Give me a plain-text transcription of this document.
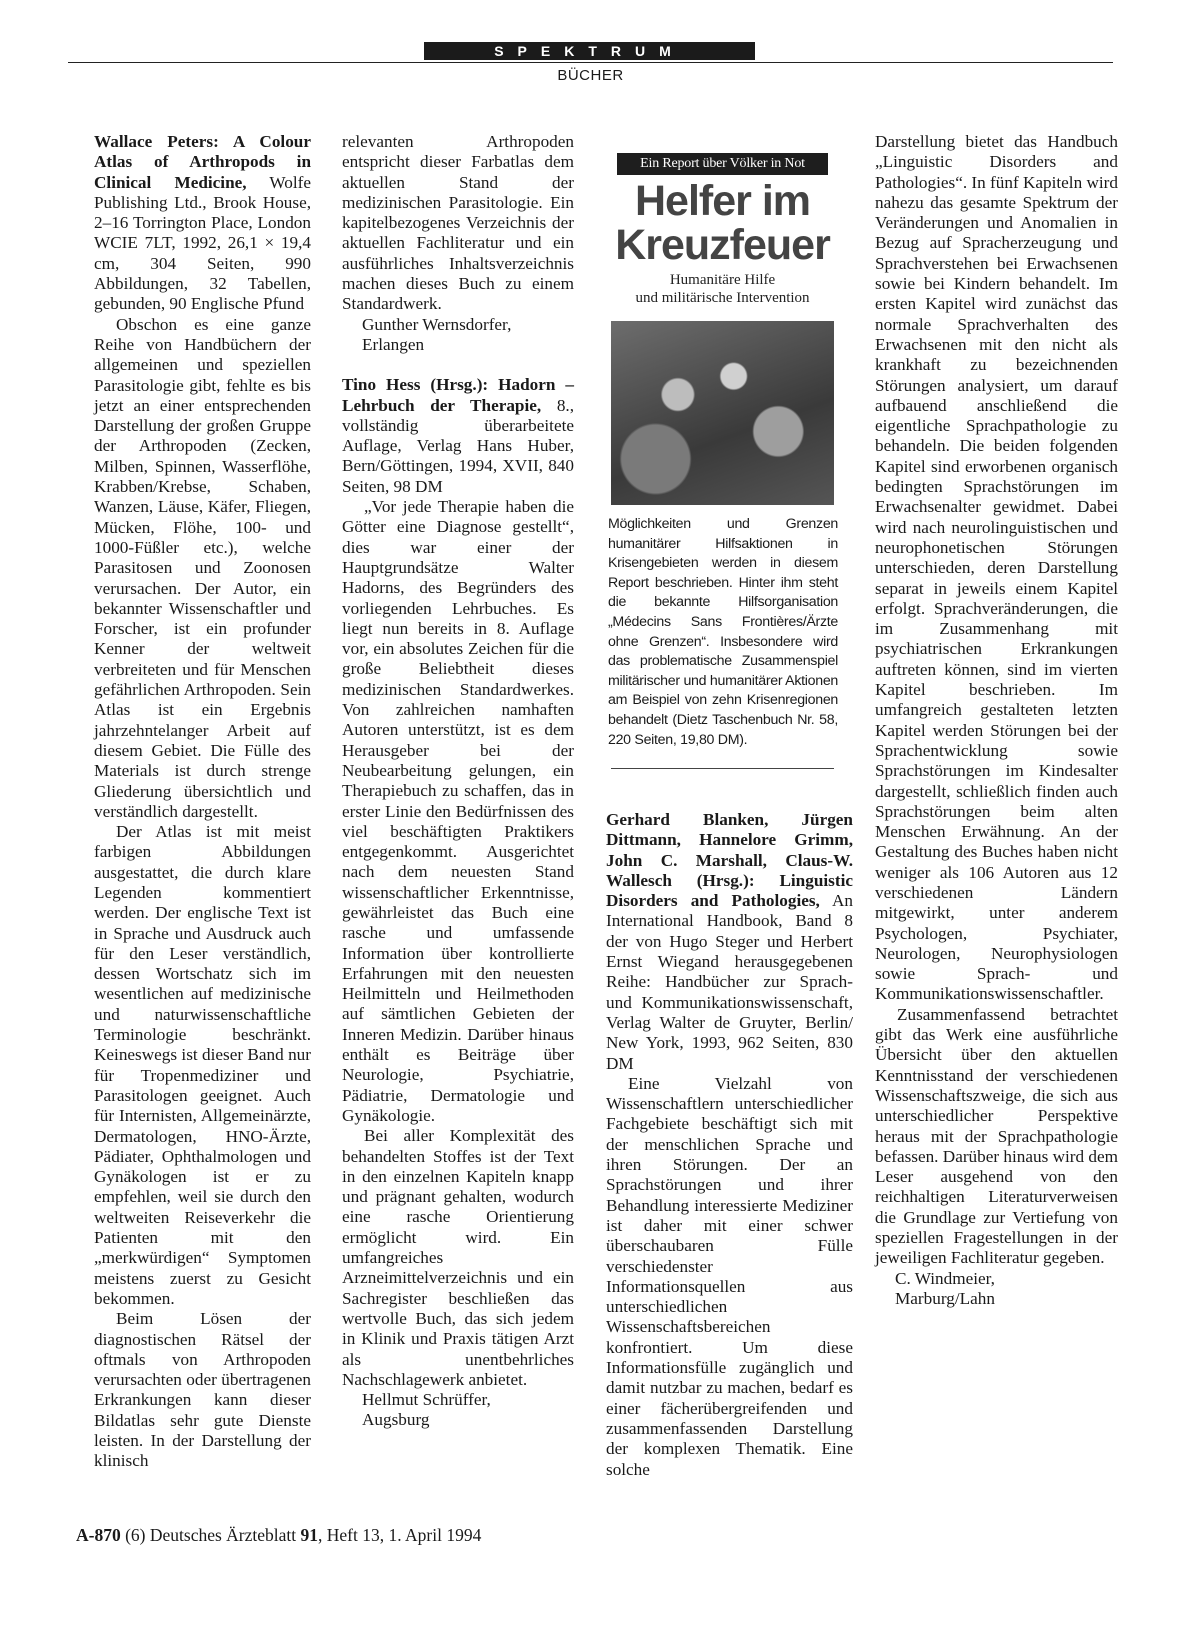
SPEKTRUM
BÜCHER

Wallace Peters: A Colour Atlas of Arthropods in Clinical Medicine, Wolfe Publishing Ltd., Brook House, 2–16 Torrington Place, London WCIE 7LT, 1992, 26,1 × 19,4 cm, 304 Seiten, 990 Abbildungen, 32 Tabellen, gebunden, 90 Englische Pfund

Obschon es eine ganze Reihe von Handbüchern der allgemeinen und speziellen Parasitologie gibt, fehlte es bis jetzt an einer entsprechenden Darstellung der großen Gruppe der Arthropoden (Zecken, Milben, Spinnen, Wasserflöhe, Krabben/Krebse, Schaben, Wanzen, Läuse, Käfer, Fliegen, Mücken, Flöhe, 100- und 1000-Füßler etc.), welche Parasitosen und Zoonosen verursachen. Der Autor, ein bekannter Wissenschaftler und Forscher, ist ein profunder Kenner der weltweit verbreiteten und für Menschen gefährlichen Arthropoden. Sein Atlas ist ein Ergebnis jahrzehntelanger Arbeit auf diesem Gebiet. Die Fülle des Materials ist durch strenge Gliederung übersichtlich und verständlich dargestellt.

Der Atlas ist mit meist farbigen Abbildungen ausgestattet, die durch klare Legenden kommentiert werden. Der englische Text ist in Sprache und Ausdruck auch für den Leser verständlich, dessen Wortschatz sich im wesentlichen auf medizinische und naturwissenschaftliche Terminologie beschränkt. Keineswegs ist dieser Band nur für Tropenmediziner und Parasitologen geeignet. Auch für Internisten, Allgemeinärzte, Dermatologen, HNO-Ärzte, Pädiater, Ophthalmologen und Gynäkologen ist er zu empfehlen, weil sie durch den weltweiten Reiseverkehr die Patienten mit den „merkwürdigen“ Symptomen meistens zuerst zu Gesicht bekommen.

Beim Lösen der diagnostischen Rätsel der oftmals von Arthropoden verursachten oder übertragenen Erkrankungen kann dieser Bildatlas sehr gute Dienste leisten. In der Darstellung der klinisch

relevanten Arthropoden entspricht dieser Farbatlas dem aktuellen Stand der medizinischen Parasitologie. Ein kapitelbezogenes Verzeichnis der aktuellen Fachliteratur und ein ausführliches Inhaltsverzeichnis machen dieses Buch zu einem Standardwerk.

Gunther Wernsdorfer,
Erlangen

Tino Hess (Hrsg.): Hadorn – Lehrbuch der Therapie, 8., vollständig überarbeitete Auflage, Verlag Hans Huber, Bern/Göttingen, 1994, XVII, 840 Seiten, 98 DM

„Vor jede Therapie haben die Götter eine Diagnose gestellt“, dies war einer der Hauptgrundsätze Walter Hadorns, des Begründers des vorliegenden Lehrbuches. Es liegt nun bereits in 8. Auflage vor, ein absolutes Zeichen für die große Beliebtheit dieses medizinischen Standardwerkes. Von zahlreichen namhaften Autoren unterstützt, ist es dem Herausgeber bei der Neubearbeitung gelungen, ein Therapiebuch zu schaffen, das in erster Linie den Bedürfnissen des viel beschäftigten Praktikers entgegenkommt. Ausgerichtet nach dem neuesten Stand wissenschaftlicher Erkenntnisse, gewährleistet das Buch eine rasche und umfassende Information über kontrollierte Erfahrungen mit den neuesten Heilmitteln und Heilmethoden auf sämtlichen Gebieten der Inneren Medizin. Darüber hinaus enthält es Beiträge über Neurologie, Psychiatrie, Pädiatrie, Dermatologie und Gynäkologie.

Bei aller Komplexität des behandelten Stoffes ist der Text in den einzelnen Kapiteln knapp und prägnant gehalten, wodurch eine rasche Orientierung ermöglicht wird. Ein umfangreiches Arzneimittelverzeichnis und ein Sachregister beschließen das wertvolle Buch, das sich jedem in Klinik und Praxis tätigen Arzt als unentbehrliches Nachschlagewerk anbietet.

Hellmut Schrüffer,
Augsburg

Ein Report über Völker in Not
Helfer im
Kreuzfeuer
Humanitäre Hilfe
und militärische Intervention
Möglichkeiten und Grenzen humanitärer Hilfsaktionen in Krisengebieten werden in diesem Report beschrieben. Hinter ihm steht die bekannte Hilfsorganisation „Médecins Sans Frontières/Ärzte ohne Grenzen“. Insbesondere wird das problematische Zusammenspiel militärischer und humanitärer Aktionen am Beispiel von zehn Krisenregionen behandelt (Dietz Taschenbuch Nr. 58, 220 Seiten, 19,80 DM).

Gerhard Blanken, Jürgen Dittmann, Hannelore Grimm, John C. Marshall, Claus-W. Wallesch (Hrsg.): Linguistic Disorders and Pathologies, An International Handbook, Band 8 der von Hugo Steger und Herbert Ernst Wiegand herausgegebenen Reihe: Handbücher zur Sprach- und Kommunikationswissenschaft, Verlag Walter de Gruyter, Berlin/ New York, 1993, 962 Seiten, 830 DM

Eine Vielzahl von Wissenschaftlern unterschiedlicher Fachgebiete beschäftigt sich mit der menschlichen Sprache und ihren Störungen. Der an Sprachstörungen und ihrer Behandlung interessierte Mediziner ist daher mit einer schwer überschaubaren Fülle verschiedenster Informationsquellen aus unterschiedlichen Wissenschaftsbereichen konfrontiert. Um diese Informationsfülle zugänglich und damit nutzbar zu machen, bedarf es einer fächerübergreifenden und zusammenfassenden Darstellung der komplexen Thematik. Eine solche

Darstellung bietet das Handbuch „Linguistic Disorders and Pathologies“. In fünf Kapiteln wird nahezu das gesamte Spektrum der Veränderungen und Anomalien in Bezug auf Spracherzeugung und Sprachverstehen bei Erwachsenen sowie bei Kindern behandelt. Im ersten Kapitel wird zunächst das normale Sprachverhalten des Erwachsenen mit den nicht als krankhaft zu bezeichnenden Störungen analysiert, um darauf aufbauend anschließend die eigentliche Sprachpathologie zu behandeln. Die beiden folgenden Kapitel sind erworbenen organisch bedingten Sprachstörungen im Erwachsenalter gewidmet. Dabei wird nach neurolinguistischen und neurophonetischen Störungen unterschieden, deren Darstellung separat in jeweils einem Kapitel erfolgt. Sprachveränderungen, die im Zusammenhang mit psychiatrischen Erkrankungen auftreten können, sind im vierten Kapitel beschrieben. Im umfangreich gestalteten letzten Kapitel werden Störungen bei der Sprachentwicklung sowie Sprachstörungen im Kindesalter dargestellt, schließlich finden auch Sprachstörungen beim alten Menschen Erwähnung. An der Gestaltung des Buches haben nicht weniger als 106 Autoren aus 12 verschiedenen Ländern mitgewirkt, unter anderem Psychologen, Psychiater, Neurologen, Neurophysiologen sowie Sprach- und Kommunikationswissenschaftler.

Zusammenfassend betrachtet gibt das Werk eine ausführliche Übersicht über den aktuellen Kenntnisstand der verschiedenen Wissenschaftszweige, die sich aus unterschiedlicher Perspektive heraus mit der Sprachpathologie befassen. Darüber hinaus wird dem Leser ausgehend von den reichhaltigen Literaturverweisen die Grundlage zur Vertiefung von speziellen Fragestellungen in der jeweiligen Fachliteratur gegeben.

C. Windmeier,
Marburg/Lahn

A-870 (6) Deutsches Ärzteblatt 91, Heft 13, 1. April 1994
